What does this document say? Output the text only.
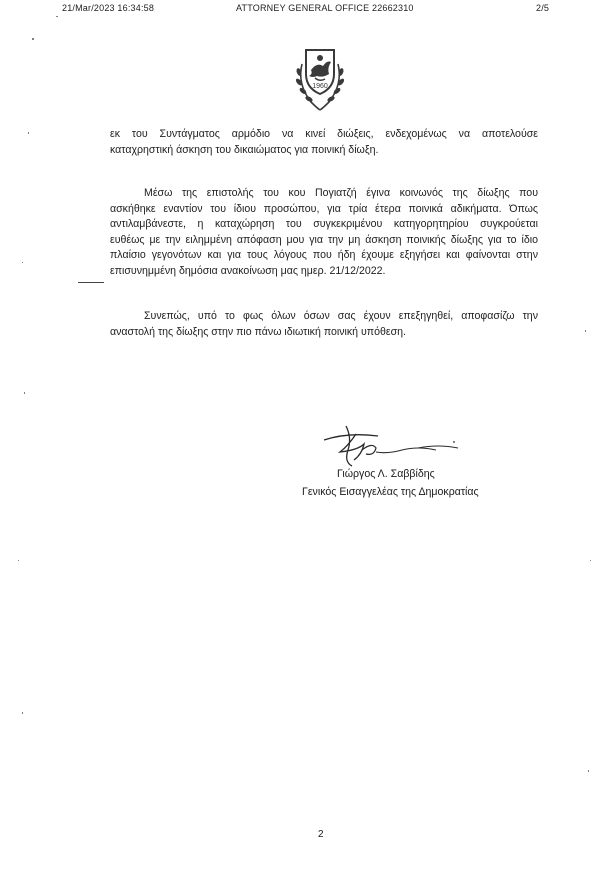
21/Mar/2023 16:34:58	ATTORNEY GENERAL OFFICE 22662310	2/5
1960
εκ του Συντάγματος αρμόδιο να κινεί διώξεις, ενδεχομένως να αποτελούσε
καταχρηστική άσκηση του δικαιώματος για ποινική δίωξη.
Μέσω της επιστολής του κου Πογιατζή έγινα κοινωνός της δίωξης που
ασκήθηκε εναντίον του ίδιου προσώπου, για τρία έτερα ποινικά αδικήματα. Όπως
αντιλαμβάνεστε, η καταχώρηση του συγκεκριμένου κατηγορητηρίου συγκρούεται
ευθέως με την ειλημμένη απόφαση μου για την μη άσκηση ποινικής δίωξης για το ίδιο
πλαίσιο γεγονότων και για τους λόγους που ήδη έχουμε εξηγήσει και φαίνονται στην
επισυνημμένη δημόσια ανακοίνωση μας ημερ. 21/12/2022.
Συνεπώς, υπό το φως όλων όσων σας έχουν επεξηγηθεί, αποφασίζω την
αναστολή της δίωξης στην πιο πάνω ιδιωτική ποινική υπόθεση.
Γιώργος Λ. Σαββίδης
Γενικός Εισαγγελέας της Δημοκρατίας
2
